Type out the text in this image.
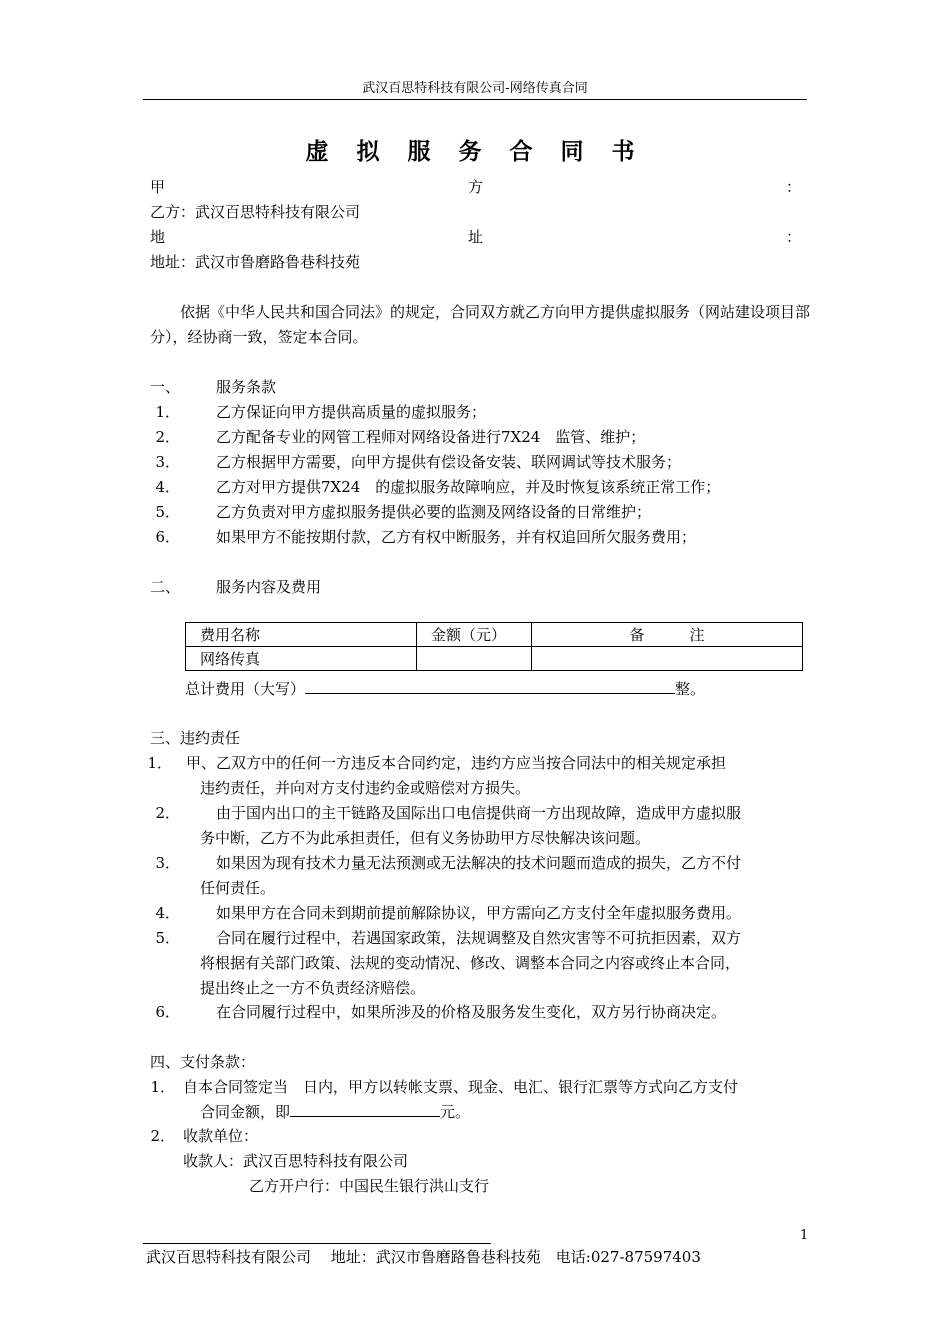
武汉百思特科技有限公司-网络传真合同
虚 拟 服 务 合 同 书
甲	方	：
乙方：武汉百思特科技有限公司
地	址	：
地址：武汉市鲁磨路鲁巷科技苑
依据《中华人民共和国合同法》的规定，合同双方就乙方向甲方提供虚拟服务（网站建设项目部分），经协商一致，签定本合同。
一、 服务条款
1． 乙方保证向甲方提供高质量的虚拟服务；
2． 乙方配备专业的网管工程师对网络设备进行7X24　监管、维护；
3． 乙方根据甲方需要，向甲方提供有偿设备安装、联网调试等技术服务；
4． 乙方对甲方提供7X24　的虚拟服务故障响应，并及时恢复该系统正常工作；
5． 乙方负责对甲方虚拟服务提供必要的监测及网络设备的日常维护；
6． 如果甲方不能按期付款，乙方有权中断服务，并有权追回所欠服务费用；
二、 服务内容及费用
费用名称	金额（元）	备　　　注
网络传真		
总计费用（大写）	整。
三、违约责任
1． 甲、乙双方中的任何一方违反本合同约定，违约方应当按合同法中的相关规定承担
违约责任，并向对方支付违约金或赔偿对方损失。
2． 由于国内出口的主干链路及国际出口电信提供商一方出现故障，造成甲方虚拟服
务中断，乙方不为此承担责任，但有义务协助甲方尽快解决该问题。
3． 如果因为现有技术力量无法预测或无法解决的技术问题而造成的损失，乙方不付
任何责任。
4． 如果甲方在合同未到期前提前解除协议，甲方需向乙方支付全年虚拟服务费用。
5． 合同在履行过程中，若遇国家政策，法规调整及自然灾害等不可抗拒因素，双方
将根据有关部门政策、法规的变动情况、修改、调整本合同之内容或终止本合同，
提出终止之一方不负责经济赔偿。
6． 在合同履行过程中，如果所涉及的价格及服务发生变化，双方另行协商决定。
四、支付条款：
1． 自本合同签定当　日内，甲方以转帐支票、现金、电汇、银行汇票等方式向乙方支付
合同金额，即	元。
2． 收款单位：
收款人：武汉百思特科技有限公司
乙方开户行：中国民生银行洪山支行
1
武汉百思特科技有限公司　 地址：武汉市鲁磨路鲁巷科技苑　电话:027-87597403
